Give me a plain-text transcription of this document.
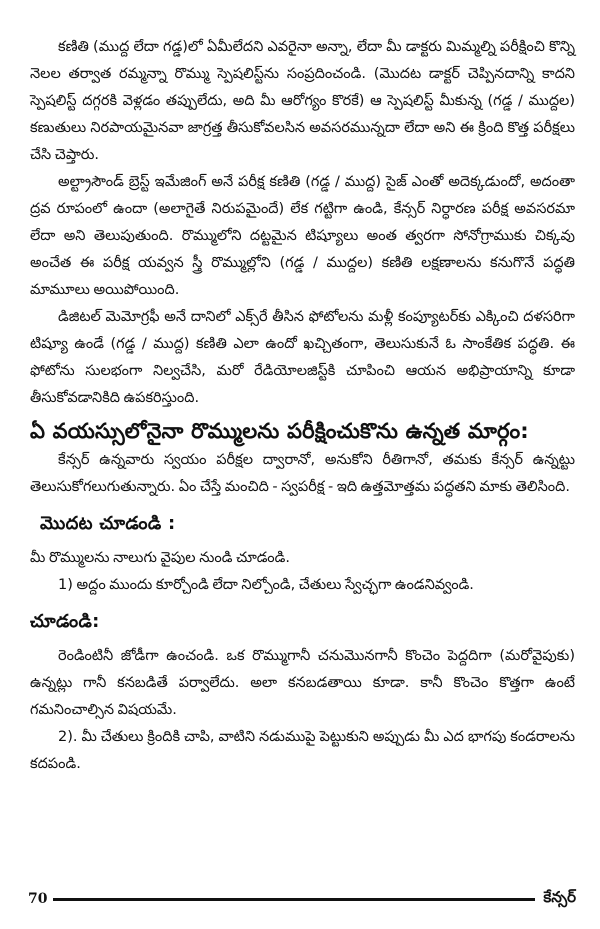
కణితి (ముద్ద లేదా గడ్డ)లో ఏమీలేదని ఎవరైనా అన్నా, లేదా మీ డాక్టరు మిమ్మల్ని పరీక్షించి కొన్ని నెలల తర్వాత రమ్మన్నా రొమ్ము స్పెషలిస్ట్‌ను సంప్రదించండి. (మొదట డాక్టర్ చెప్పినదాన్ని కాదని స్పెషలిస్ట్ దగ్గరకి వెళ్లడం తప్పులేదు, అది మీ ఆరోగ్యం కొరకే) ఆ స్పెషలిస్ట్ మీకున్న (గడ్డ / ముద్దల) కణుతులు నిరపాయమైనవా జాగ్రత్త తీసుకోవలసిన అవసరమున్నదా లేదా అని ఈ క్రింది కొత్త పరీక్షలు చేసి చెప్తారు.

అల్ట్రాసౌండ్ బ్రెస్ట్ ఇమేజింగ్ అనే పరీక్ష కణితి (గడ్డ / ముద్ద) సైజ్ ఎంతో అదెక్కడుందో, అదంతా ద్రవ రూపంలో ఉందా (అలాగైతే నిరుపమైందే) లేక గట్టిగా ఉండి, కేన్సర్ నిర్ధారణ పరీక్ష అవసరమా లేదా అని తెలుపుతుంది. రొమ్ములోని దట్టమైన టిష్యూలు అంత త్వరగా సోనోగ్రాముకు చిక్కవు అంచేత ఈ పరీక్ష యవ్వన స్త్రీ రొమ్ముల్లోని (గడ్డ / ముద్దల) కణితి లక్షణాలను కనుగొనే పద్ధతి మామూలు అయిపోయింది.

డిజిటల్ మెమోగ్రఫీ అనే దానిలో ఎక్స్‌రే తీసిన ఫోటోలను మళ్లీ కంప్యూటర్‌కు ఎక్కించి దళసరిగా టిష్యూ ఉండే (గడ్డ / ముద్ద) కణితి ఎలా ఉందో ఖచ్చితంగా, తెలుసుకునే ఓ సాంకేతిక పద్ధతి. ఈ ఫోటోను సులభంగా నిల్వచేసి, మరో రేడియోలజిస్ట్‌కి చూపించి ఆయన అభిప్రాయాన్ని కూడా తీసుకోవడానికిది ఉపకరిస్తుంది.

ఏ వయస్సులోనైనా రొమ్ములను పరీక్షించుకొను ఉన్నత మార్గం:

కేన్సర్ ఉన్నవారు స్వయం పరీక్షల ద్వారానో, అనుకోని రీతిగానో, తమకు కేన్సర్ ఉన్నట్టు తెలుసుకోగలుగుతున్నారు. ఏం చేస్తే మంచిది - స్వపరీక్ష - ఇది ఉత్తమోత్తమ పద్ధతని మాకు తెలిసింది.

మొదట చూడండి :

మీ రొమ్ములను నాలుగు వైపుల నుండి చూడండి.

1) అద్దం ముందు కూర్చోండి లేదా నిల్చోండి, చేతులు స్వేచ్ఛగా ఉండనివ్వండి.

చూడండి:

రెండింటినీ జోడీగా ఉంచండి. ఒక రొమ్ముగానీ చనుమొనగానీ కొంచెం పెద్దదిగా (మరోవైపుకు) ఉన్నట్లు గానీ కనబడితే పర్వాలేదు. అలా కనబడతాయి కూడా. కానీ కొంచెం కొత్తగా ఉంటే గమనించాల్సిన విషయమే.

2). మీ చేతులు క్రిందికి చాపి, వాటిని నడుముపై పెట్టుకుని అప్పుడు మీ ఎద భాగపు కండరాలను కదపండి.

70	కేన్సర్
